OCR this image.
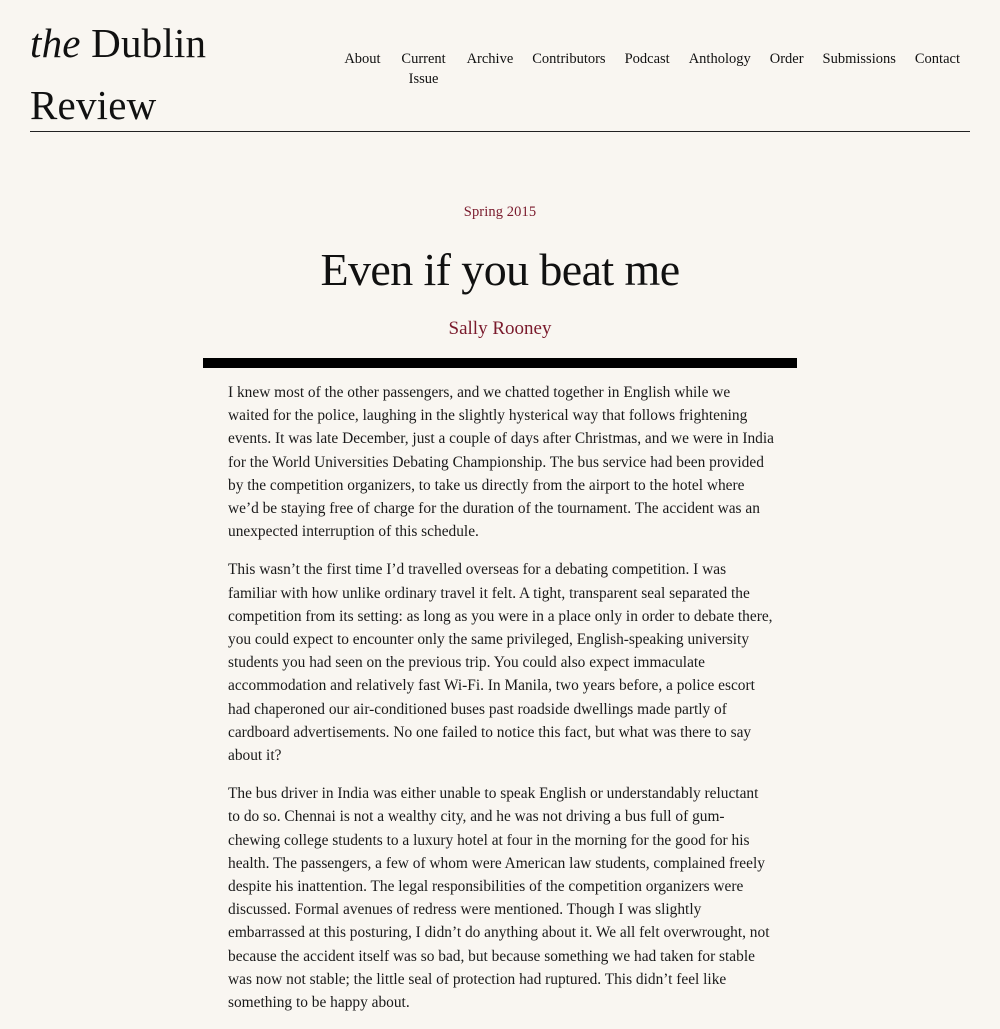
the Dublin
Review
About Current Issue
Archive Contributors Podcast Anthology Order Submissions Contact
Spring 2015
Even if you beat me
Sally Rooney

I knew most of the other passengers, and we chatted together in English while we waited for the police, laughing in the slightly hysterical way that follows frightening events. It was late December, just a couple of days after Christmas, and we were in India for the World Universities Debating Championship. The bus service had been provided by the competition organizers, to take us directly from the airport to the hotel where we’d be staying free of charge for the duration of the tournament. The accident was an unexpected interruption of this schedule.

This wasn’t the first time I’d travelled overseas for a debating competition. I was familiar with how unlike ordinary travel it felt. A tight, transparent seal separated the competition from its setting: as long as you were in a place only in order to debate there, you could expect to encounter only the same privileged, English-speaking university students you had seen on the previous trip. You could also expect immaculate accommodation and relatively fast Wi-Fi. In Manila, two years before, a police escort had chaperoned our air-conditioned buses past roadside dwellings made partly of cardboard advertisements. No one failed to notice this fact, but what was there to say about it?

The bus driver in India was either unable to speak English or understandably reluctant to do so. Chennai is not a wealthy city, and he was not driving a bus full of gum-chewing college students to a luxury hotel at four in the morning for the good for his health. The passengers, a few of whom were American law students, complained freely despite his inattention. The legal responsibilities of the competition organizers were discussed. Formal avenues of redress were mentioned. Though I was slightly embarrassed at this posturing, I didn’t do anything about it. We all felt overwrought, not because the accident itself was so bad, but because something we had taken for stable was now not stable; the little seal of protection had ruptured. This didn’t feel like something to be happy about.
